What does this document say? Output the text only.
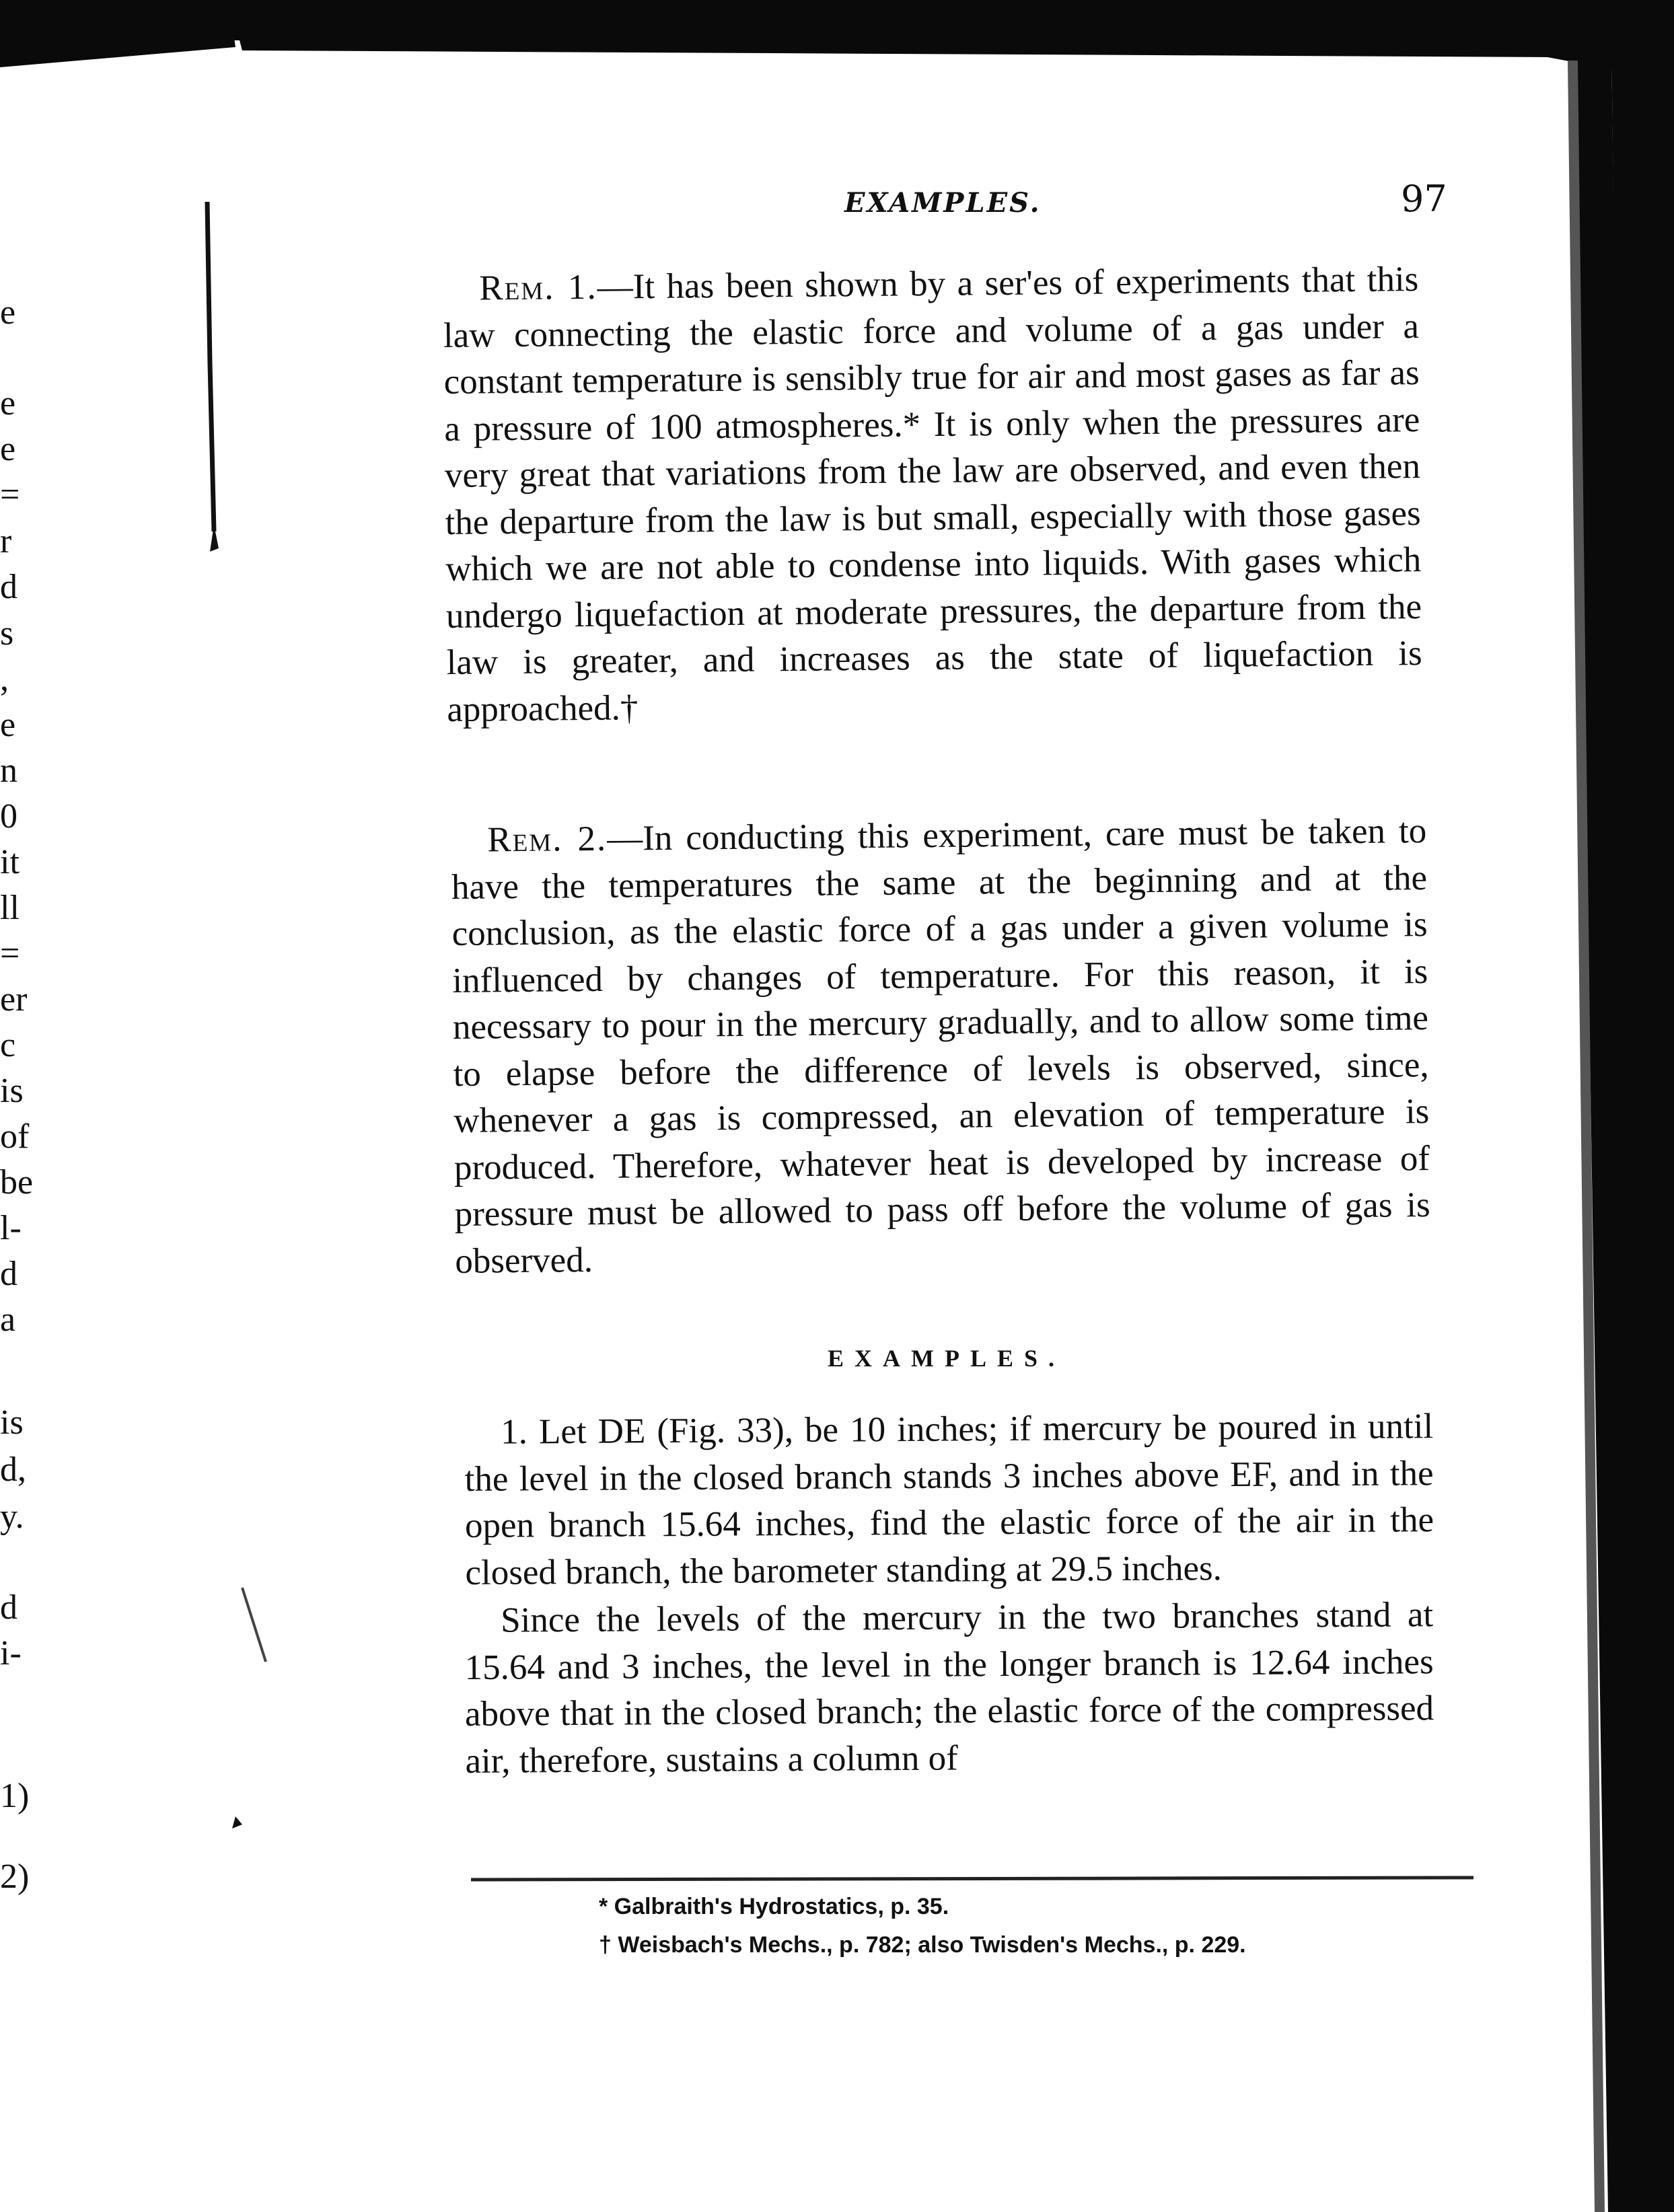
e
e
e
=
r
d
s
,
e
n
0
it
ll
=
er
c
is
of
be
l-
d
a
is
d,
y.
d
i-
1)
2)
EXAMPLES.	97

Rem. 1.—It has been shown by a ser'es of experiments that this law connecting the elastic force and volume of a gas under a constant temperature is sensibly true for air and most gases as far as a pressure of 100 atmospheres.* It is only when the pressures are very great that variations from the law are observed, and even then the departure from the law is but small, especially with those gases which we are not able to condense into liquids. With gases which undergo liquefaction at moderate pressures, the departure from the law is greater, and increases as the state of liquefaction is approached.†

Rem. 2.—In conducting this experiment, care must be taken to have the temperatures the same at the beginning and at the conclusion, as the elastic force of a gas under a given volume is influenced by changes of temperature. For this reason, it is necessary to pour in the mercury gradually, and to allow some time to elapse before the difference of levels is observed, since, whenever a gas is compressed, an elevation of temperature is produced. Therefore, whatever heat is developed by increase of pressure must be allowed to pass off before the volume of gas is observed.

EXAMPLES.

1. Let DE (Fig. 33), be 10 inches; if mercury be poured in until the level in the closed branch stands 3 inches above EF, and in the open branch 15.64 inches, find the elastic force of the air in the closed branch, the barometer standing at 29.5 inches.

Since the levels of the mercury in the two branches stand at 15.64 and 3 inches, the level in the longer branch is 12.64 inches above that in the closed branch; the elastic force of the compressed air, therefore, sustains a column of

* Galbraith's Hydrostatics, p. 35.
† Weisbach's Mechs., p. 782; also Twisden's Mechs., p. 229.
